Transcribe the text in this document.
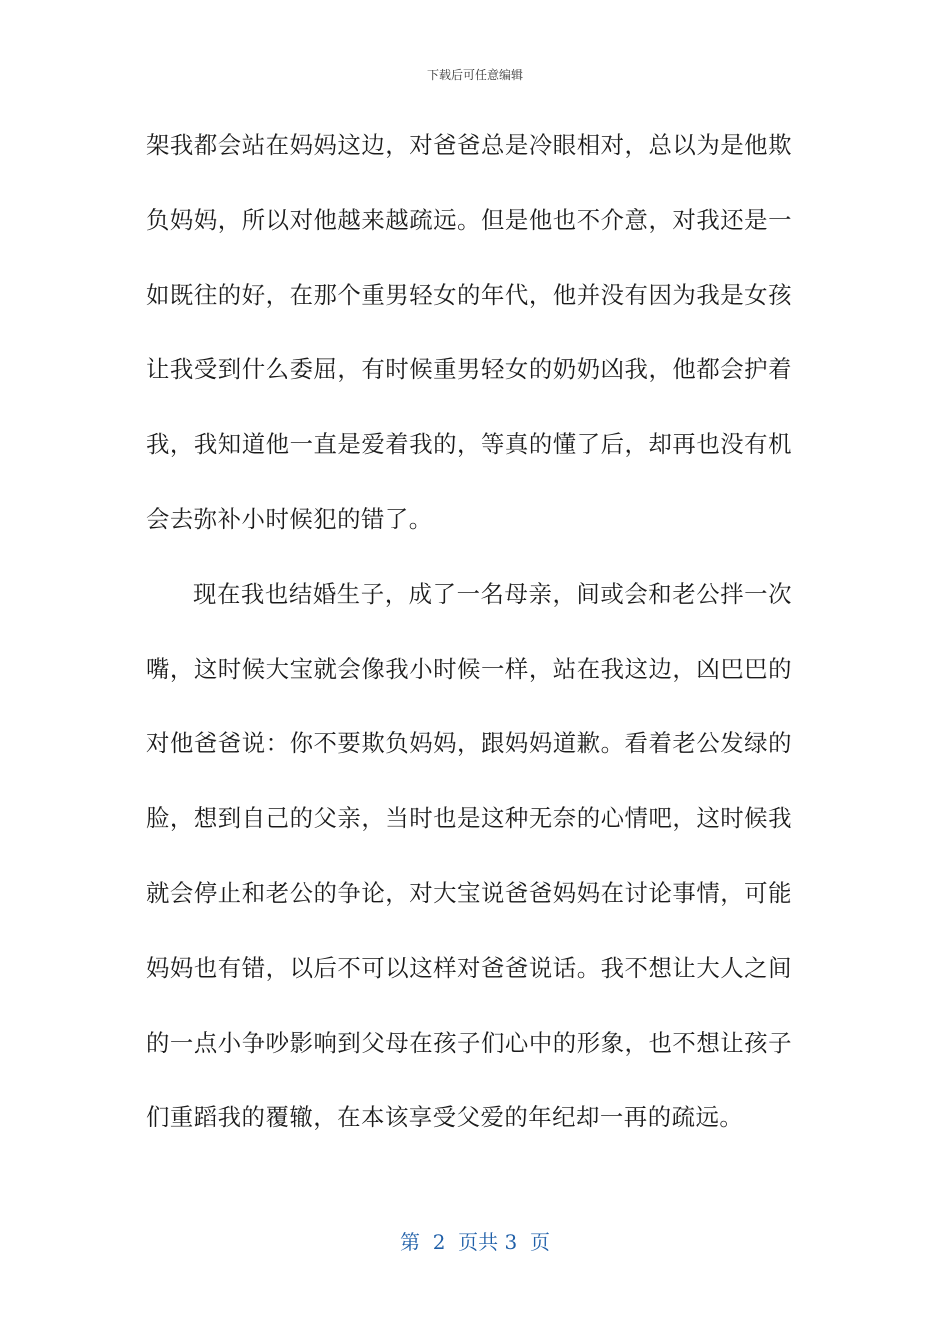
下载后可任意编辑
架我都会站在妈妈这边，对爸爸总是冷眼相对，总以为是他欺
负妈妈，所以对他越来越疏远。但是他也不介意，对我还是一
如既往的好，在那个重男轻女的年代，他并没有因为我是女孩
让我受到什么委屈，有时候重男轻女的奶奶凶我，他都会护着
我，我知道他一直是爱着我的，等真的懂了后，却再也没有机
会去弥补小时候犯的错了。
现在我也结婚生子，成了一名母亲，间或会和老公拌一次
嘴，这时候大宝就会像我小时候一样，站在我这边，凶巴巴的
对他爸爸说：你不要欺负妈妈，跟妈妈道歉。看着老公发绿的
脸，想到自己的父亲，当时也是这种无奈的心情吧，这时候我
就会停止和老公的争论，对大宝说爸爸妈妈在讨论事情，可能
妈妈也有错，以后不可以这样对爸爸说话。我不想让大人之间
的一点小争吵影响到父母在孩子们心中的形象，也不想让孩子
们重蹈我的覆辙，在本该享受父爱的年纪却一再的疏远。
第  2  页共 3  页
